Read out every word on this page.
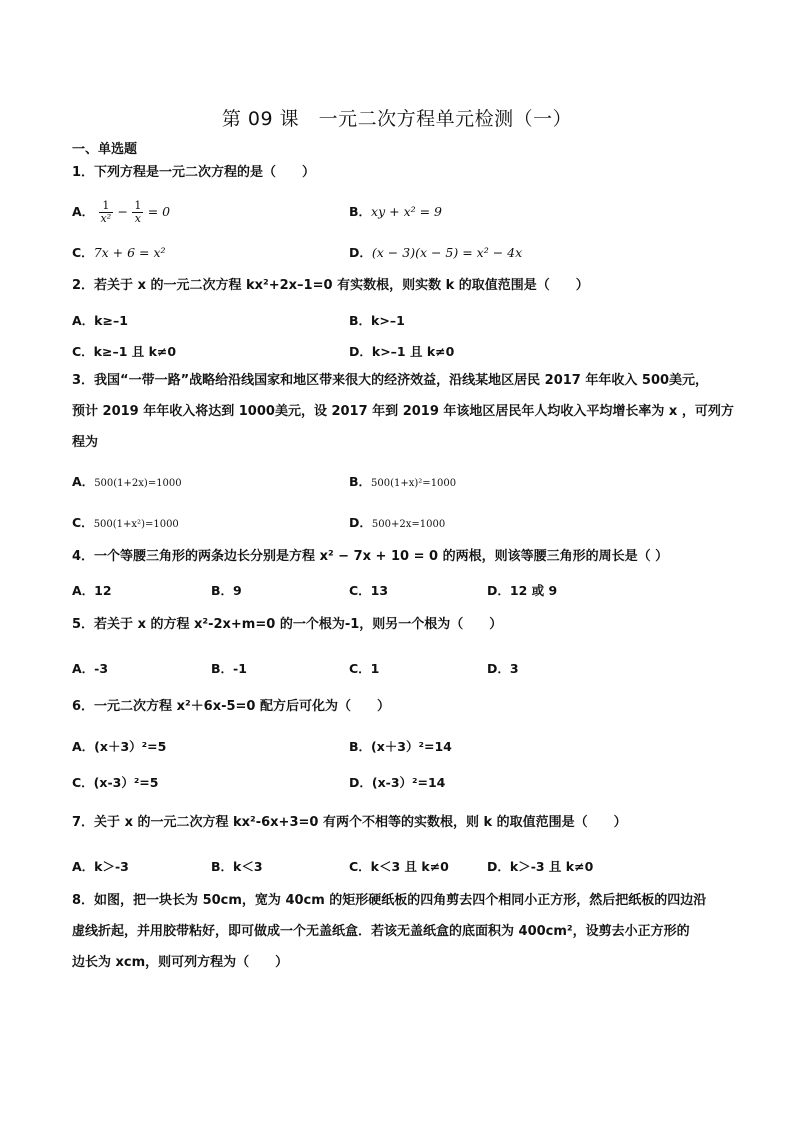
第 09 课　一元二次方程单元检测（一）
一、单选题
1．下列方程是一元二次方程的是（　　）
A． $\frac{1}{\text{x²}} - \frac{1}{x} = 0$	B．xy + x² = 9
C．7x + 6 = x²	D．(x − 3)(x − 5) = x² − 4x
2．若关于 x 的一元二次方程 kx²+2x–1=0 有实数根，则实数 k 的取值范围是（　　）
A．k≥–1	B．k>–1
C．k≥–1 且 k≠0	D．k>–1 且 k≠0
3．我国“一带一路”战略给沿线国家和地区带来很大的经济效益，沿线某地区居民 2017 年年收入 500美元，
预计 2019 年年收入将达到 1000美元，设 2017 年到 2019 年该地区居民年人均收入平均增长率为 x ，可列方
程为
A．500(1+2x)=1000	B．500(1+x)²=1000
C．500(1+x²)=1000	D．500+2x=1000
4．一个等腰三角形的两条边长分别是方程 x² − 7x + 10 = 0 的两根，则该等腰三角形的周长是（ ）
A．12	B．9	C．13	D．12 或 9
5．若关于 x 的方程 x²-2x+m=0 的一个根为-1，则另一个根为（　　）
A．-3	B．-1	C．1	D．3
6．一元二次方程 x²＋6x-5=0 配方后可化为（　　）
A．(x＋3）²=5	B．(x＋3）²=14
C．(x-3）²=5	D．(x-3）²=14
7．关于 x 的一元二次方程 kx²-6x+3=0 有两个不相等的实数根，则 k 的取值范围是（　　）
A．k＞-3	B．k＜3	C．k＜3 且 k≠0	D．k＞-3 且 k≠0
8．如图，把一块长为 50cm，宽为 40cm 的矩形硬纸板的四角剪去四个相同小正方形，然后把纸板的四边沿
虚线折起，并用胶带粘好，即可做成一个无盖纸盒．若该无盖纸盒的底面积为 400cm²，设剪去小正方形的
边长为 xcm，则可列方程为（　　）
